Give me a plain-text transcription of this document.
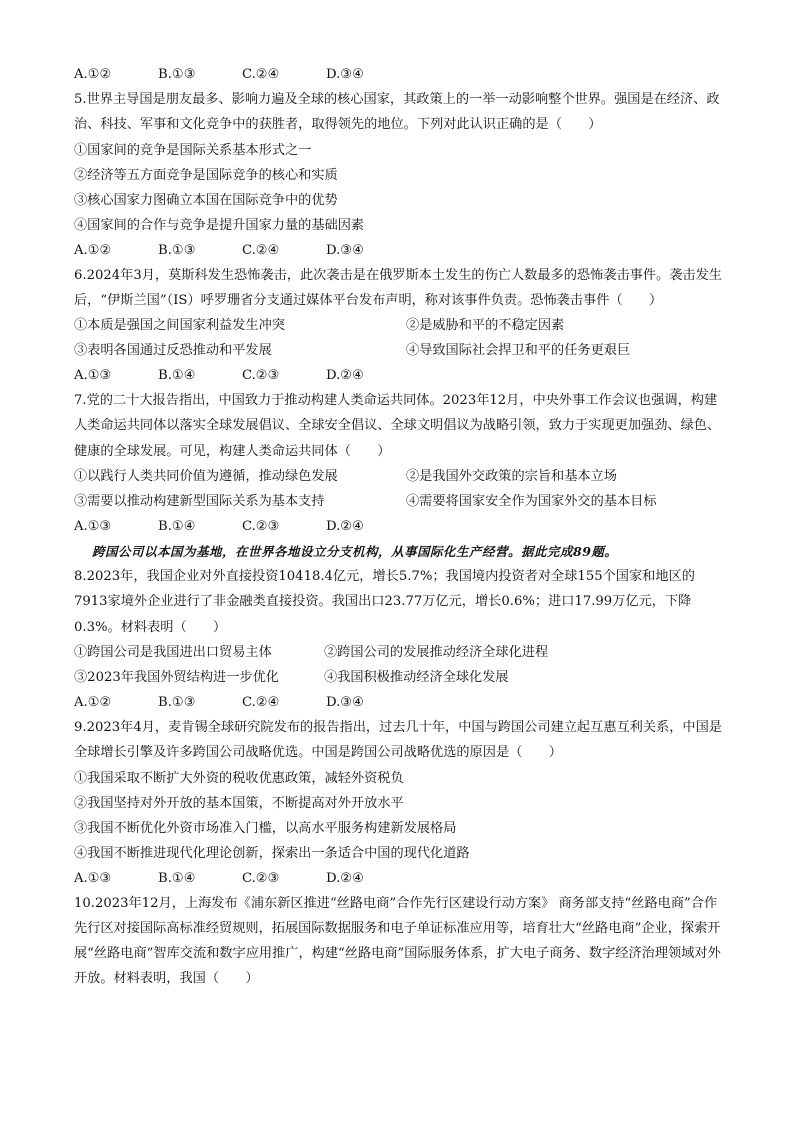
A.①②	B.①③	C.②④	D.③④
5.世界主导国是朋友最多、影响力遍及全球的核心国家，其政策上的一举一动影响整个世界。强国是在经济、政治、科技、军事和文化竞争中的获胜者，取得领先的地位。下列对此认识正确的是（　　）
①国家间的竞争是国际关系基本形式之一
②经济等五方面竞争是国际竞争的核心和实质
③核心国家力图确立本国在国际竞争中的优势
④国家间的合作与竞争是提升国家力量的基础因素
A.①②	B.①③	C.②④	D.③④
6.2024年3月，莫斯科发生恐怖袭击，此次袭击是在俄罗斯本土发生的伤亡人数最多的恐怖袭击事件。袭击发生后，“伊斯兰国”（IS）呼罗珊省分支通过媒体平台发布声明，称对该事件负责。恐怖袭击事件（　　）
①本质是强国之间国家利益发生冲突	②是威胁和平的不稳定因素
③表明各国通过反恐推动和平发展	④导致国际社会捍卫和平的任务更艰巨
A.①③	B.①④	C.②③	D.②④
7.党的二十大报告指出，中国致力于推动构建人类命运共同体。2023年12月，中央外事工作会议也强调，构建人类命运共同体以落实全球发展倡议、全球安全倡议、全球文明倡议为战略引领，致力于实现更加强劲、绿色、健康的全球发展。可见，构建人类命运共同体（　　）
①以践行人类共同价值为遵循，推动绿色发展	②是我国外交政策的宗旨和基本立场
③需要以推动构建新型国际关系为基本支持	④需要将国家安全作为国家外交的基本目标
A.①③	B.①④	C.②③	D.②④
跨国公司以本国为基地，在世界各地设立分支机构，从事国际化生产经营。据此完成89题。
8.2023年，我国企业对外直接投资10418.4亿元，增长5.7%；我国境内投资者对全球155个国家和地区的7913家境外企业进行了非金融类直接投资。我国出口23.77万亿元，增长0.6%；进口17.99万亿元，下降0.3%。材料表明（　　）
①跨国公司是我国进出口贸易主体	②跨国公司的发展推动经济全球化进程
③2023年我国外贸结构进一步优化	④我国积极推动经济全球化发展
A.①②	B.①③	C.②④	D.③④
9.2023年4月，麦肯锡全球研究院发布的报告指出，过去几十年，中国与跨国公司建立起互惠互利关系，中国是全球增长引擎及许多跨国公司战略优选。中国是跨国公司战略优选的原因是（　　）
①我国采取不断扩大外资的税收优惠政策，减轻外资税负
②我国坚持对外开放的基本国策，不断提高对外开放水平
③我国不断优化外资市场准入门槛，以高水平服务构建新发展格局
④我国不断推进现代化理论创新，探索出一条适合中国的现代化道路
A.①③	B.①④	C.②③	D.②④
10.2023年12月，上海发布《浦东新区推进“丝路电商”合作先行区建设行动方案》 商务部支持“丝路电商”合作先行区对接国际高标准经贸规则，拓展国际数据服务和电子单证标准应用等，培育壮大“丝路电商”企业，探索开展“丝路电商”智库交流和数字应用推广，构建“丝路电商”国际服务体系，扩大电子商务、数字经济治理领域对外开放。材料表明，我国（　　）
